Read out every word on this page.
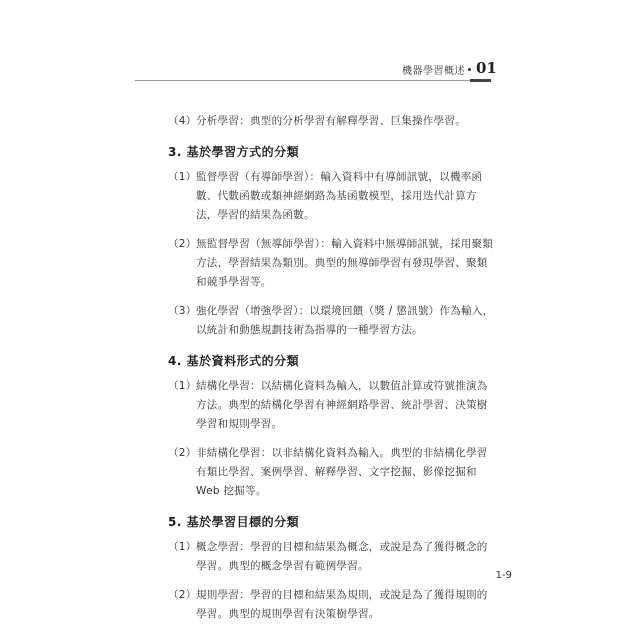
機器學習概述 01
（4） 分析學習：典型的分析學習有解釋學習、巨集操作學習。
3. 基於學習方式的分類
（1） 監督學習（有導師學習）：輸入資料中有導師訊號，以機率函數、代數函數或類神經網路為基函數模型，採用迭代計算方法，學習的結果為函數。
（2） 無監督學習（無導師學習）：輸入資料中無導師訊號，採用聚類方法，學習結果為類別。典型的無導師學習有發現學習、聚類和競爭學習等。
（3） 強化學習（增強學習）：以環境回饋（獎 / 懲訊號）作為輸入，以統計和動態規劃技術為指導的一種學習方法。
4. 基於資料形式的分類
（1） 結構化學習：以結構化資料為輸入，以數值計算或符號推演為方法。典型的結構化學習有神經網路學習、統計學習、決策樹學習和規則學習。
（2） 非結構化學習：以非結構化資料為輸入。典型的非結構化學習有類比學習、案例學習、解釋學習、文字挖掘、影像挖掘和 Web 挖掘等。
5. 基於學習目標的分類
（1） 概念學習：學習的目標和結果為概念，或說是為了獲得概念的學習。典型的概念學習有範例學習。
（2） 規則學習：學習的目標和結果為規則，或說是為了獲得規則的學習。典型的規則學習有決策樹學習。
1-9
